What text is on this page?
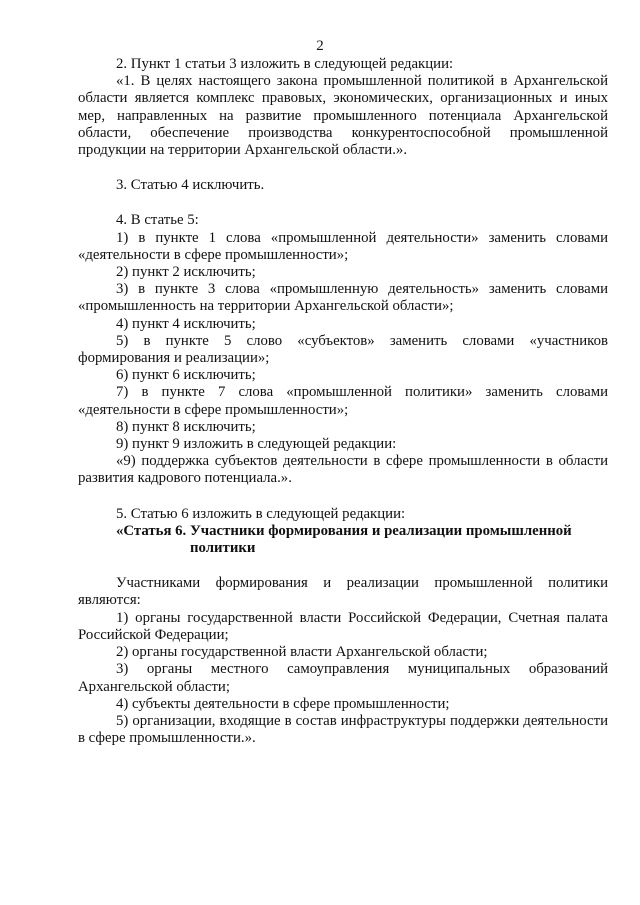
2

2. Пункт 1 статьи 3 изложить в следующей редакции:

«1. В целях настоящего закона промышленной политикой в Архангельской области является комплекс правовых, экономических, организационных и иных мер, направленных на развитие промышленного потенциала Архангельской области, обеспечение производства конкурентоспособной промышленной продукции на территории Архангельской области.».

3. Статью 4 исключить.

4. В статье 5:

1) в пункте 1 слова «промышленной деятельности» заменить словами «деятельности в сфере промышленности»;

2) пункт 2 исключить;

3) в пункте 3 слова «промышленную деятельность» заменить словами «промышленность на территории Архангельской области»;

4) пункт 4 исключить;

5) в пункте 5 слово «субъектов» заменить словами «участников формирования и реализации»;

6) пункт 6 исключить;

7) в пункте 7 слова «промышленной политики» заменить словами «деятельности в сфере промышленности»;

8) пункт 8 исключить;

9) пункт 9 изложить в следующей редакции:

«9) поддержка субъектов деятельности в сфере промышленности в области развития кадрового потенциала.».

5. Статью 6 изложить в следующей редакции:

«Статья 6. Участники формирования и реализации промышленной
политики

Участниками формирования и реализации промышленной политики являются:

1) органы государственной власти Российской Федерации, Счетная палата Российской Федерации;

2) органы государственной власти Архангельской области;

3) органы местного самоуправления муниципальных образований Архангельской области;

4) субъекты деятельности в сфере промышленности;

5) организации, входящие в состав инфраструктуры поддержки деятельности в сфере промышленности.».
